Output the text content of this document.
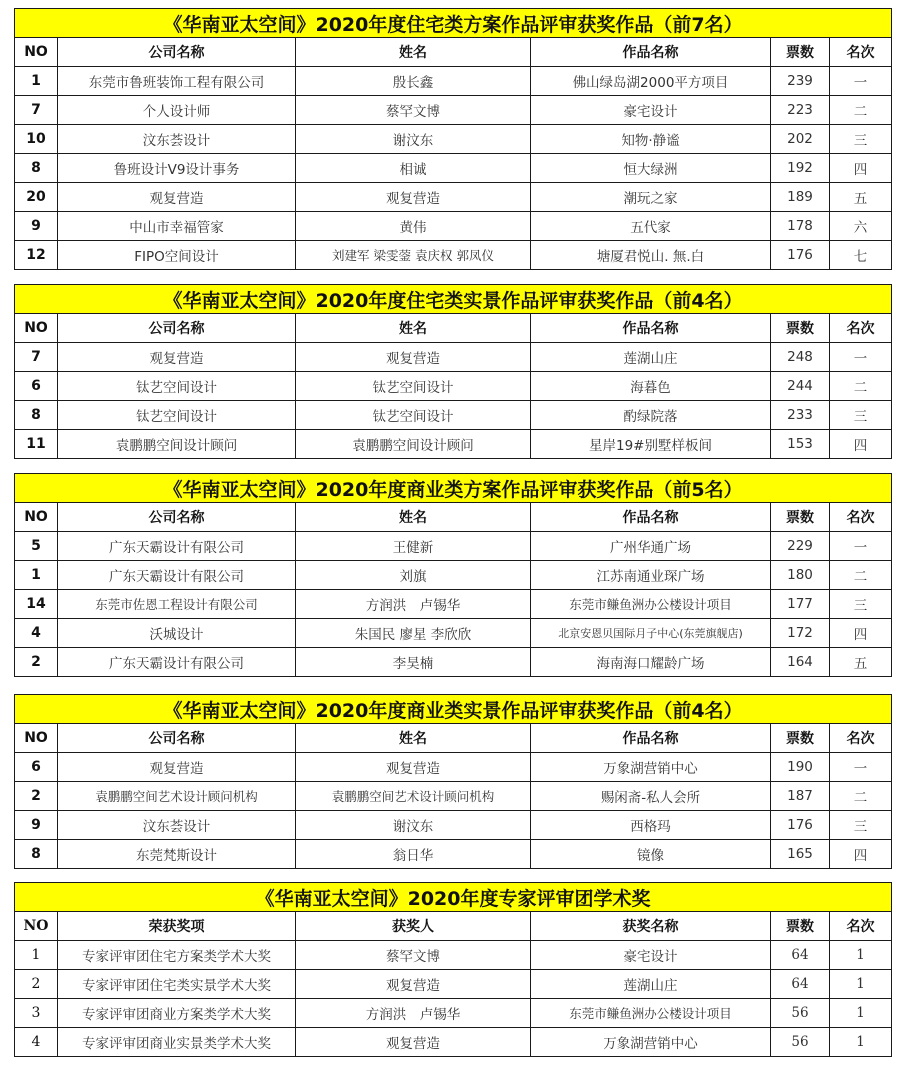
《华南亚太空间》2020年度住宅类方案作品评审获奖作品（前7名）					
NO	公司名称	姓名	作品名称	票数	名次
1	东莞市鲁班装饰工程有限公司	殷长鑫	佛山绿岛湖2000平方项目	239	一
7	个人设计师	蔡罕文博	豪宅设计	223	二
10	汶东荟设计	谢汶东	知物·静谧	202	三
8	鲁班设计V9设计事务	相诚	恒大绿洲	192	四
20	观复营造	观复营造	潮玩之家	189	五
9	中山市幸福管家	黄伟	五代家	178	六
12	FIPO空间设计	刘建军 梁雯蓥 袁庆权 郭凤仪	塘厦君悦山. 無.白	176	七
《华南亚太空间》2020年度住宅类实景作品评审获奖作品（前4名）					
NO	公司名称	姓名	作品名称	票数	名次
7	观复营造	观复营造	莲湖山庄	248	一
6	钛艺空间设计	钛艺空间设计	海暮色	244	二
8	钛艺空间设计	钛艺空间设计	酌绿院落	233	三
11	袁鹏鹏空间设计顾问	袁鹏鹏空间设计顾问	星岸19#别墅样板间	153	四
《华南亚太空间》2020年度商业类方案作品评审获奖作品（前5名）					
NO	公司名称	姓名	作品名称	票数	名次
5	广东天霸设计有限公司	王健新	广州华通广场	229	一
1	广东天霸设计有限公司	刘旗	江苏南通业琛广场	180	二
14	东莞市佐恩工程设计有限公司	方润洪　卢锡华	东莞市鳒鱼洲办公楼设计项目	177	三
4	沃城设计	朱国民 廖星 李欣欣	北京安恩贝国际月子中心(东莞旗舰店)	172	四
2	广东天霸设计有限公司	李昊楠	海南海口耀龄广场	164	五
《华南亚太空间》2020年度商业类实景作品评审获奖作品（前4名）					
NO	公司名称	姓名	作品名称	票数	名次
6	观复营造	观复营造	万象湖营销中心	190	一
2	袁鹏鹏空间艺术设计顾问机构	袁鹏鹏空间艺术设计顾问机构	赐闲斋-私人会所	187	二
9	汶东荟设计	谢汶东	西格玛	176	三
8	东莞梵斯设计	翁日华	镜像	165	四
《华南亚太空间》2020年度专家评审团学术奖					
NO	荣获奖项	获奖人	获奖名称	票数	名次
1	专家评审团住宅方案类学术大奖	蔡罕文博	豪宅设计	64	1
2	专家评审团住宅类实景学术大奖	观复营造	莲湖山庄	64	1
3	专家评审团商业方案类学术大奖	方润洪　卢锡华	东莞市鳒鱼洲办公楼设计项目	56	1
4	专家评审团商业实景类学术大奖	观复营造	万象湖营销中心	56	1
